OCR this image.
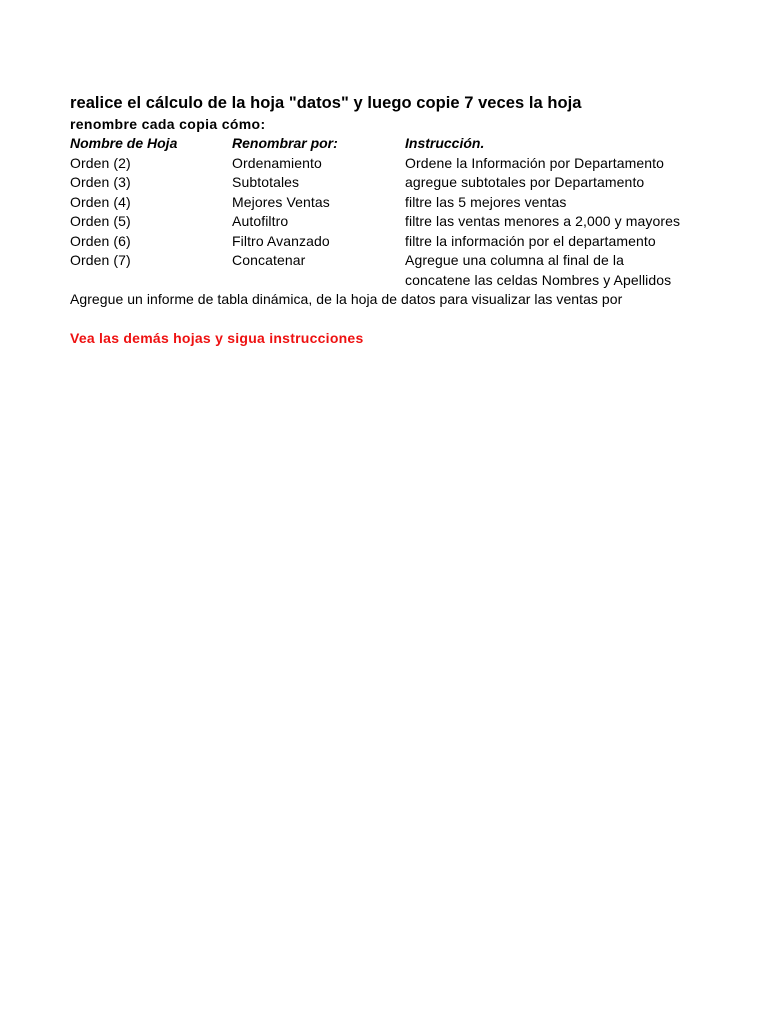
realice el cálculo de la hoja "datos" y luego copie 7 veces la hoja
renombre cada copia cómo:
Nombre de Hoja	Renombrar por:	Instrucción.
Orden (2)	Ordenamiento	Ordene la Información por Departamento
Orden (3)	Subtotales	agregue subtotales por Departamento
Orden (4)	Mejores Ventas	filtre las 5 mejores ventas
Orden (5)	Autofiltro	filtre las ventas menores a 2,000 y mayores
Orden (6)	Filtro Avanzado	filtre la información por el departamento
Orden (7)	Concatenar	Agregue una columna al final de la
concatene las celdas Nombres y Apellidos
Agregue un informe de tabla dinámica, de la hoja de datos para visualizar las ventas por
Vea las demás hojas y sigua instrucciones
